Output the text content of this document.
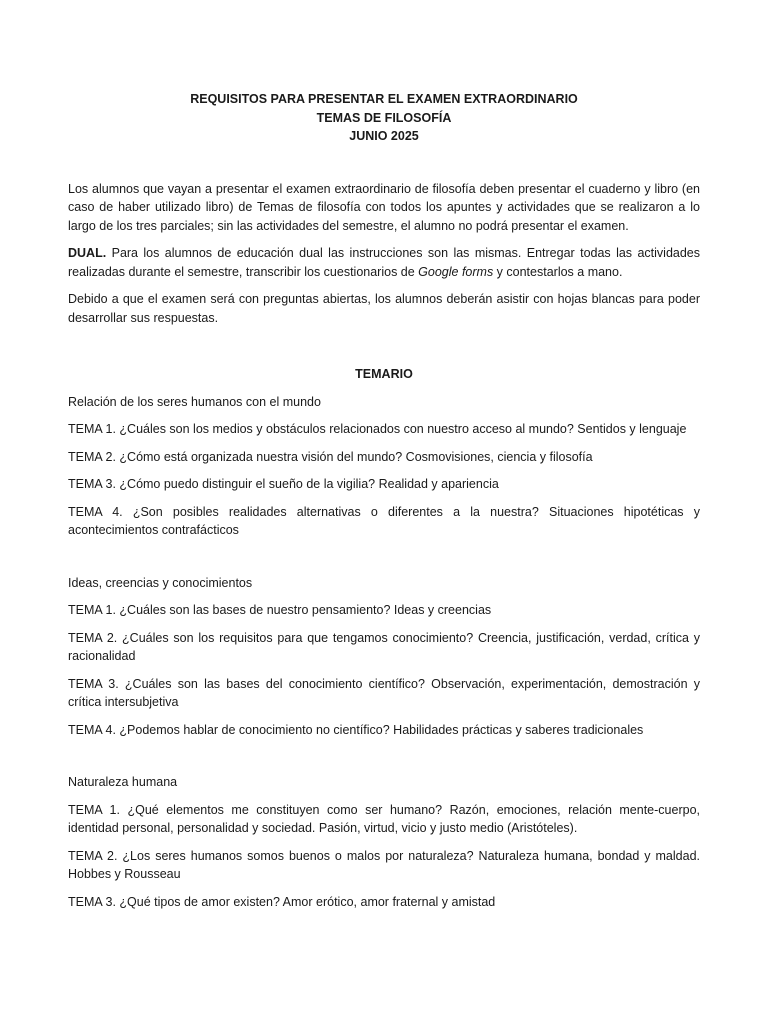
REQUISITOS PARA PRESENTAR EL EXAMEN EXTRAORDINARIO
TEMAS DE FILOSOFÍA
JUNIO 2025

Los alumnos que vayan a presentar el examen extraordinario de filosofía deben presentar el cuaderno y libro (en caso de haber utilizado libro) de Temas de filosofía con todos los apuntes y actividades que se realizaron a lo largo de los tres parciales; sin las actividades del semestre, el alumno no podrá presentar el examen.

DUAL. Para los alumnos de educación dual las instrucciones son las mismas. Entregar todas las actividades realizadas durante el semestre, transcribir los cuestionarios de Google forms y contestarlos a mano.

Debido a que el examen será con preguntas abiertas, los alumnos deberán asistir con hojas blancas para poder desarrollar sus respuestas.

TEMARIO

Relación de los seres humanos con el mundo

TEMA 1. ¿Cuáles son los medios y obstáculos relacionados con nuestro acceso al mundo? Sentidos y lenguaje

TEMA 2. ¿Cómo está organizada nuestra visión del mundo? Cosmovisiones, ciencia y filosofía

TEMA 3. ¿Cómo puedo distinguir el sueño de la vigilia? Realidad y apariencia

TEMA 4. ¿Son posibles realidades alternativas o diferentes a la nuestra? Situaciones hipotéticas y acontecimientos contrafácticos

Ideas, creencias y conocimientos

TEMA 1. ¿Cuáles son las bases de nuestro pensamiento? Ideas y creencias

TEMA 2. ¿Cuáles son los requisitos para que tengamos conocimiento? Creencia, justificación, verdad, crítica y racionalidad

TEMA 3. ¿Cuáles son las bases del conocimiento científico? Observación, experimentación, demostración y crítica intersubjetiva

TEMA 4. ¿Podemos hablar de conocimiento no científico? Habilidades prácticas y saberes tradicionales

Naturaleza humana

TEMA 1. ¿Qué elementos me constituyen como ser humano? Razón, emociones, relación mente-cuerpo, identidad personal, personalidad y sociedad. Pasión, virtud, vicio y justo medio (Aristóteles).

TEMA 2. ¿Los seres humanos somos buenos o malos por naturaleza? Naturaleza humana, bondad y maldad. Hobbes y Rousseau

TEMA 3. ¿Qué tipos de amor existen? Amor erótico, amor fraternal y amistad
